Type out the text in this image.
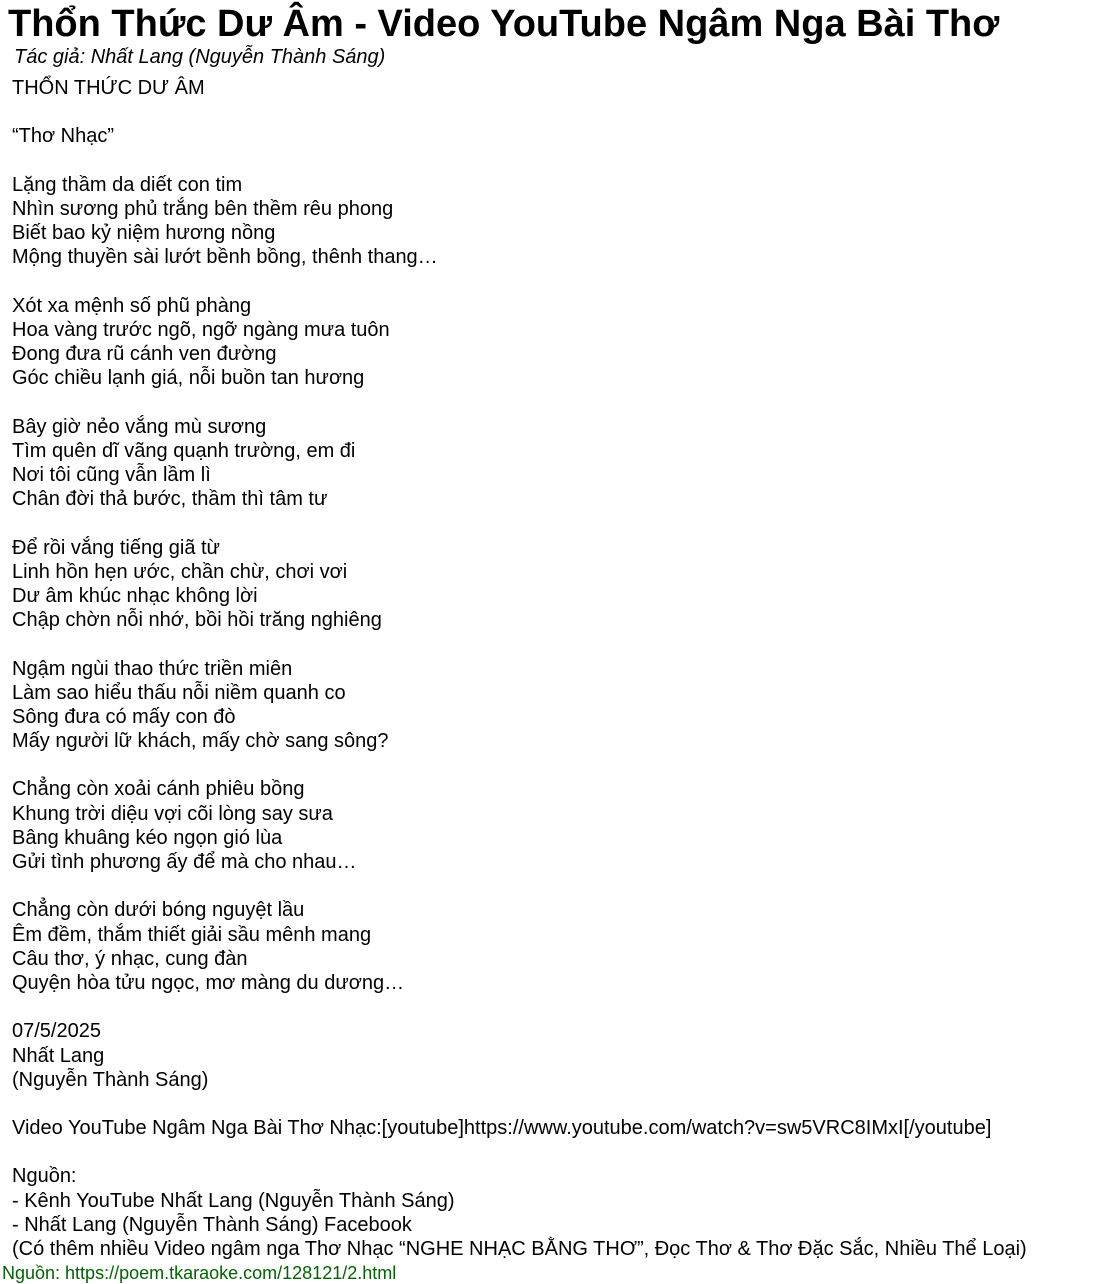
Thổn Thức Dư Âm - Video YouTube Ngâm Nga Bài Thơ
Tác giả: Nhất Lang (Nguyễn Thành Sáng)
THỔN THỨC DƯ ÂM
“Thơ Nhạc”
Lặng thầm da diết con tim
Nhìn sương phủ trắng bên thềm rêu phong
Biết bao kỷ niệm hương nồng
Mộng thuyền sài lướt bềnh bồng, thênh thang…
Xót xa mệnh số phũ phàng
Hoa vàng trước ngõ, ngỡ ngàng mưa tuôn
Đong đưa rũ cánh ven đường
Góc chiều lạnh giá, nỗi buồn tan hương
Bây giờ nẻo vắng mù sương
Tìm quên dĩ vãng quạnh trường, em đi
Nơi tôi cũng vẫn lầm lì
Chân đời thả bước, thầm thì tâm tư
Để rồi vắng tiếng giã từ
Linh hồn hẹn ước, chần chừ, chơi vơi
Dư âm khúc nhạc không lời
Chập chờn nỗi nhớ, bồi hồi trăng nghiêng
Ngậm ngùi thao thức triền miên
Làm sao hiểu thấu nỗi niềm quanh co
Sông đưa có mấy con đò
Mấy người lữ khách, mấy chờ sang sông?
Chẳng còn xoải cánh phiêu bồng
Khung trời diệu vợi cõi lòng say sưa
Bâng khuâng kéo ngọn gió lùa
Gửi tình phương ấy để mà cho nhau…
Chẳng còn dưới bóng nguyệt lầu
Êm đềm, thắm thiết giải sầu mênh mang
Câu thơ, ý nhạc, cung đàn
Quyện hòa tửu ngọc, mơ màng du dương…
07/5/2025
Nhất Lang
(Nguyễn Thành Sáng)
Video YouTube Ngâm Nga Bài Thơ Nhạc:[youtube]https://www.youtube.com/watch?v=sw5VRC8IMxI[/youtube]
Nguồn:
- Kênh YouTube Nhất Lang (Nguyễn Thành Sáng)
- Nhất Lang (Nguyễn Thành Sáng) Facebook
(Có thêm nhiều Video ngâm nga Thơ Nhạc “NGHE NHẠC BẰNG THƠ”, Đọc Thơ & Thơ Đặc Sắc, Nhiều Thể Loại)
Nguồn: https://poem.tkaraoke.com/128121/2.html
